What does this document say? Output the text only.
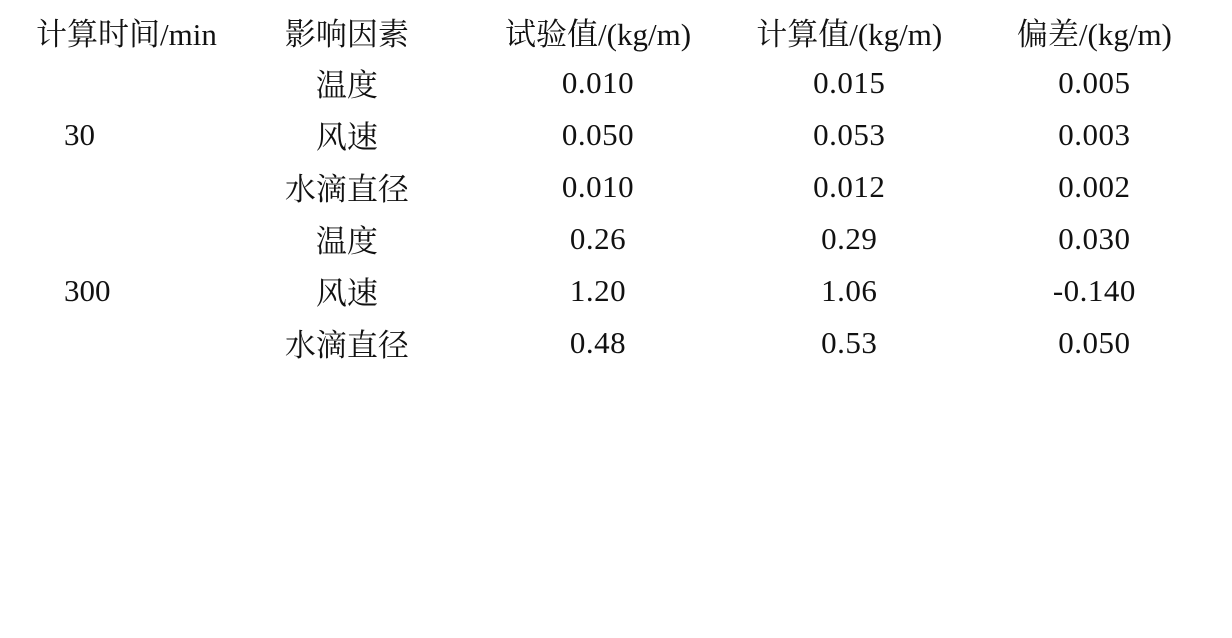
计算时间/min	影响因素	试验值/(kg/m)	计算值/(kg/m)	偏差/(kg/m)
30	温度	0.010	0.015	0.005
	风速	0.050	0.053	0.003
	水滴直径	0.010	0.012	0.002
300	温度	0.26	0.29	0.030
	风速	1.20	1.06	-0.140
	水滴直径	0.48	0.53	0.050
